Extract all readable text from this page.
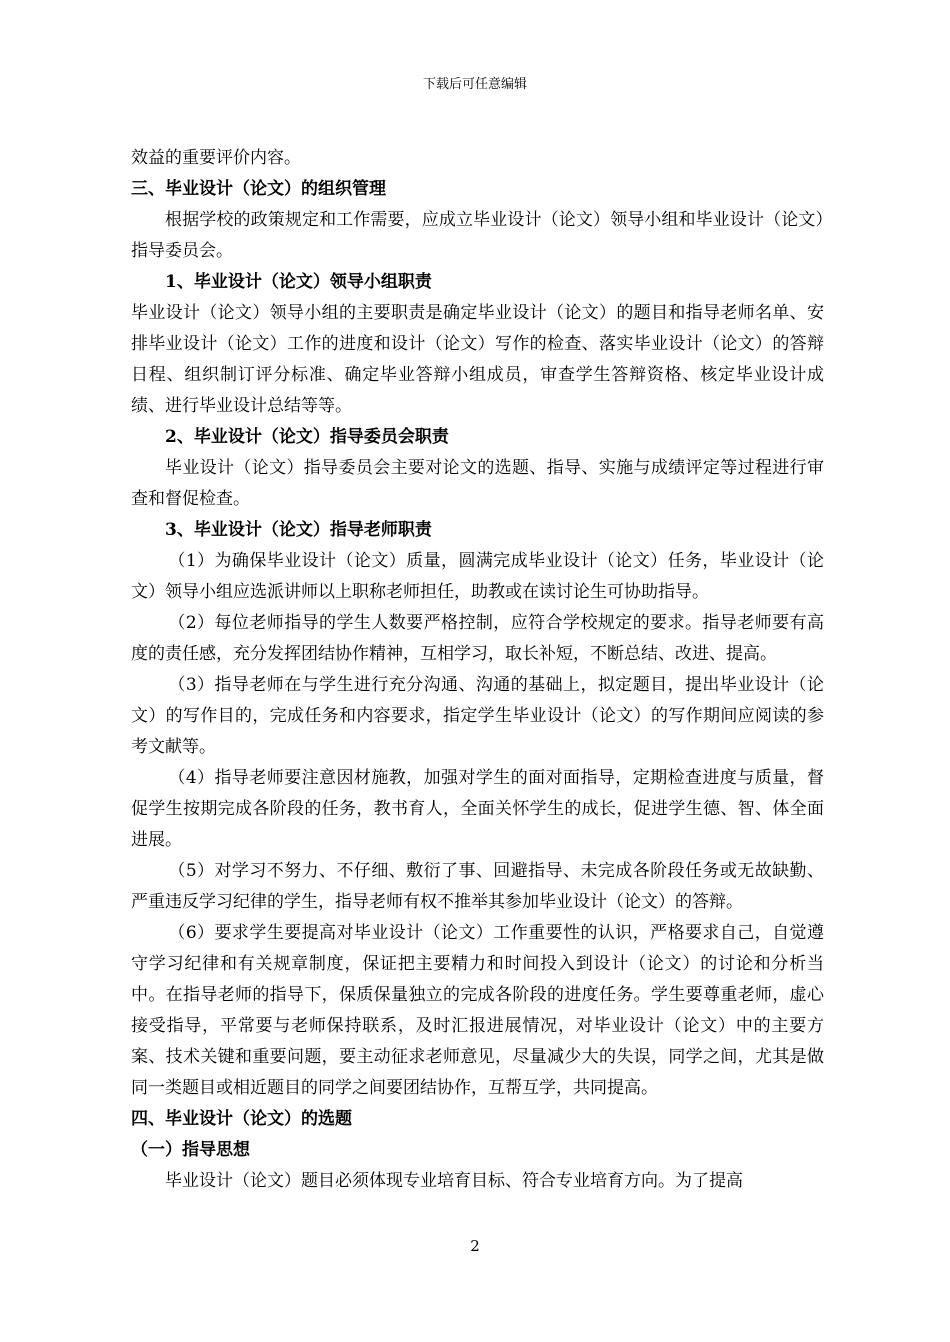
下载后可任意编辑

效益的重要评价内容。

三、毕业设计（论文）的组织管理

根据学校的政策规定和工作需要，应成立毕业设计（论文）领导小组和毕业设计（论文）指导委员会。

1、毕业设计（论文）领导小组职责

毕业设计（论文）领导小组的主要职责是确定毕业设计（论文）的题目和指导老师名单、安排毕业设计（论文）工作的进度和设计（论文）写作的检查、落实毕业设计（论文）的答辩日程、组织制订评分标准、确定毕业答辩小组成员，审查学生答辩资格、核定毕业设计成绩、进行毕业设计总结等等。

2、毕业设计（论文）指导委员会职责

毕业设计（论文）指导委员会主要对论文的选题、指导、实施与成绩评定等过程进行审查和督促检查。

3、毕业设计（论文）指导老师职责

（1）为确保毕业设计（论文）质量，圆满完成毕业设计（论文）任务，毕业设计（论文）领导小组应选派讲师以上职称老师担任，助教或在读讨论生可协助指导。

（2）每位老师指导的学生人数要严格控制，应符合学校规定的要求。指导老师要有高度的责任感，充分发挥团结协作精神，互相学习，取长补短，不断总结、改进、提高。

（3）指导老师在与学生进行充分沟通、沟通的基础上，拟定题目，提出毕业设计（论文）的写作目的，完成任务和内容要求，指定学生毕业设计（论文）的写作期间应阅读的参考文献等。

（4）指导老师要注意因材施教，加强对学生的面对面指导，定期检查进度与质量，督促学生按期完成各阶段的任务，教书育人，全面关怀学生的成长，促进学生德、智、体全面进展。

（5）对学习不努力、不仔细、敷衍了事、回避指导、未完成各阶段任务或无故缺勤、严重违反学习纪律的学生，指导老师有权不推举其参加毕业设计（论文）的答辩。

（6）要求学生要提高对毕业设计（论文）工作重要性的认识，严格要求自己，自觉遵守学习纪律和有关规章制度，保证把主要精力和时间投入到设计（论文）的讨论和分析当中。在指导老师的指导下，保质保量独立的完成各阶段的进度任务。学生要尊重老师，虚心接受指导，平常要与老师保持联系，及时汇报进展情况，对毕业设计（论文）中的主要方案、技术关键和重要问题，要主动征求老师意见，尽量减少大的失误，同学之间，尤其是做同一类题目或相近题目的同学之间要团结协作，互帮互学，共同提高。

四、毕业设计（论文）的选题

（一）指导思想

毕业设计（论文）题目必须体现专业培育目标、符合专业培育方向。为了提高

2
